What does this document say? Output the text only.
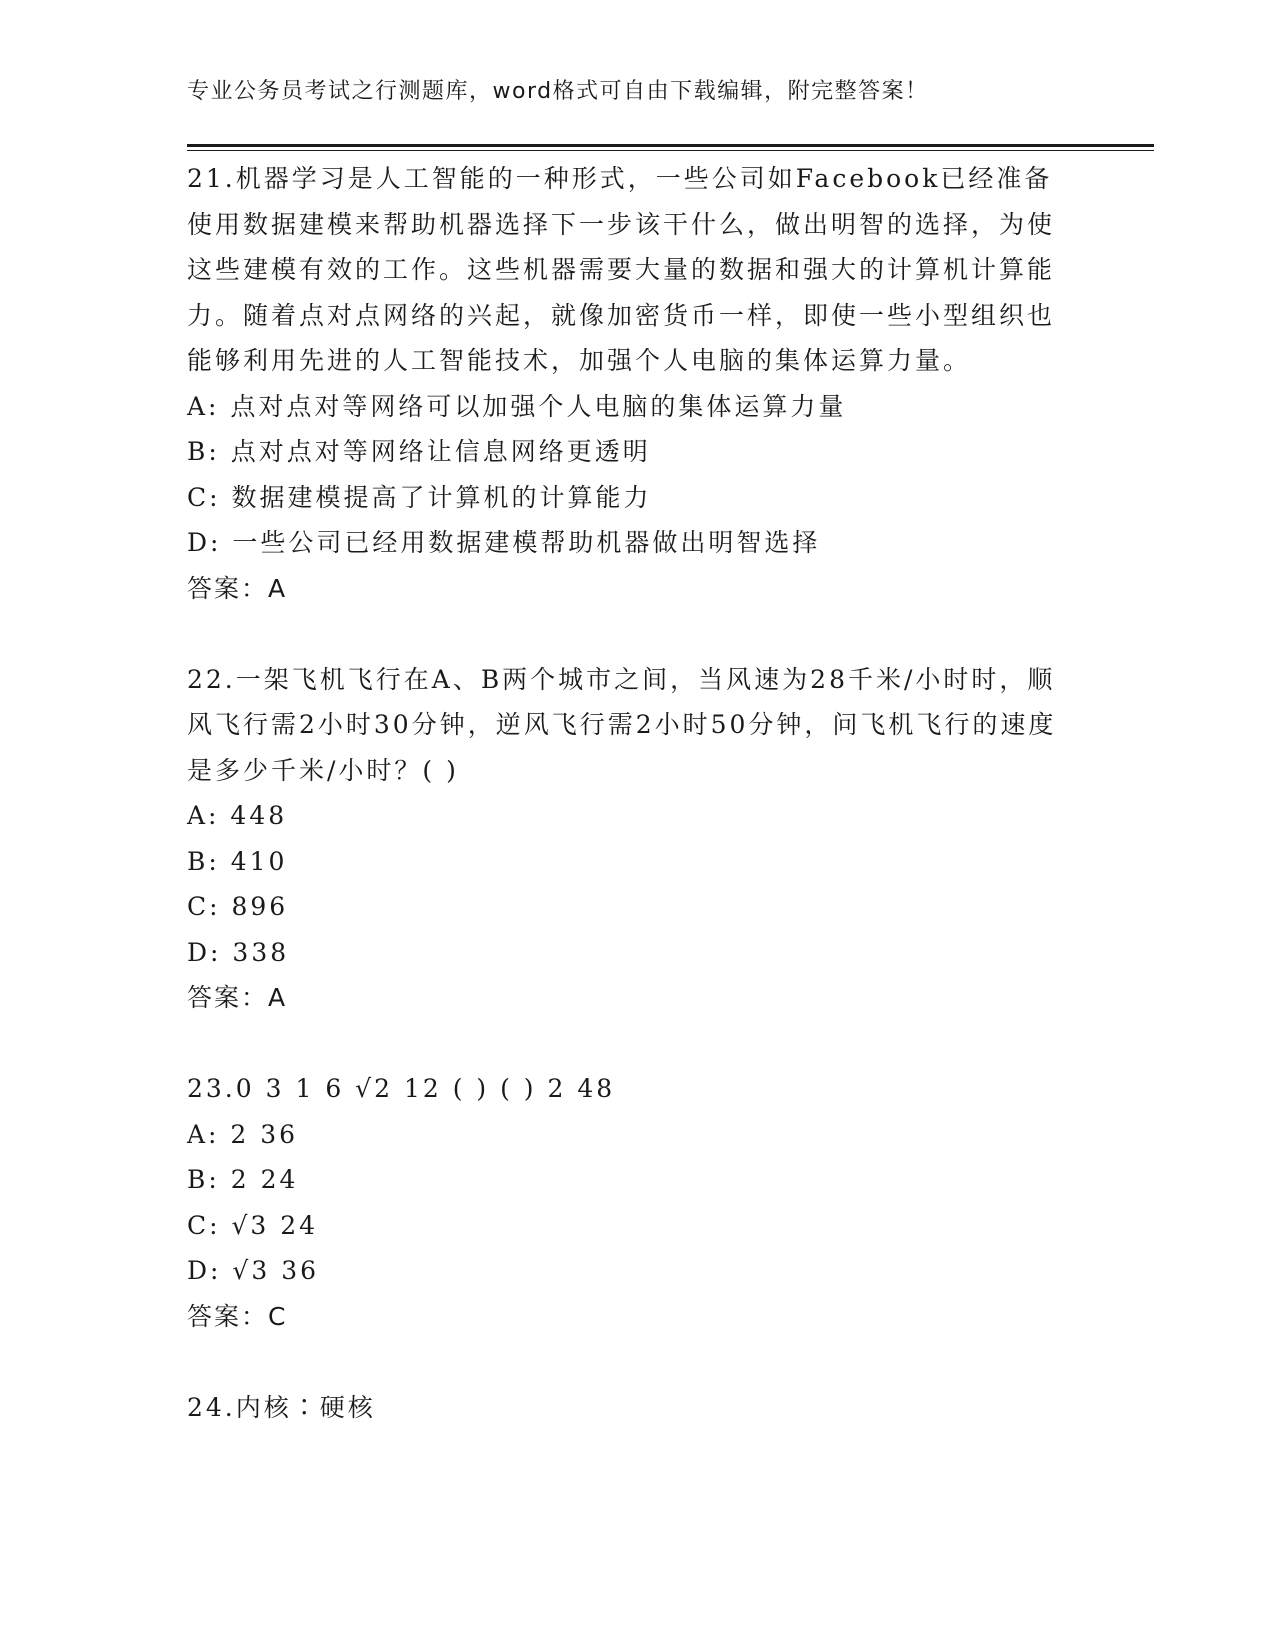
专业公务员考试之行测题库，word格式可自由下载编辑，附完整答案！

21.机器学习是人工智能的一种形式，一些公司如Facebook已经准备使用数据建模来帮助机器选择下一步该干什么，做出明智的选择，为使这些建模有效的工作。这些机器需要大量的数据和强大的计算机计算能力。随着点对点网络的兴起，就像加密货币一样，即使一些小型组织也能够利用先进的人工智能技术，加强个人电脑的集体运算力量。

A: 点对点对等网络可以加强个人电脑的集体运算力量

B: 点对点对等网络让信息网络更透明

C: 数据建模提高了计算机的计算能力

D: 一些公司已经用数据建模帮助机器做出明智选择

答案：A

22.一架飞机飞行在A、B两个城市之间，当风速为28千米/小时时，顺风飞行需2小时30分钟，逆风飞行需2小时50分钟，问飞机飞行的速度是多少千米/小时？( )

A: 448

B: 410

C: 896

D: 338

答案：A

23.0 3 1 6 √2 12 ( ) ( ) 2 48

A: 2 36

B: 2 24

C: √3 24

D: √3 36

答案：C

24.内核∶硬核
